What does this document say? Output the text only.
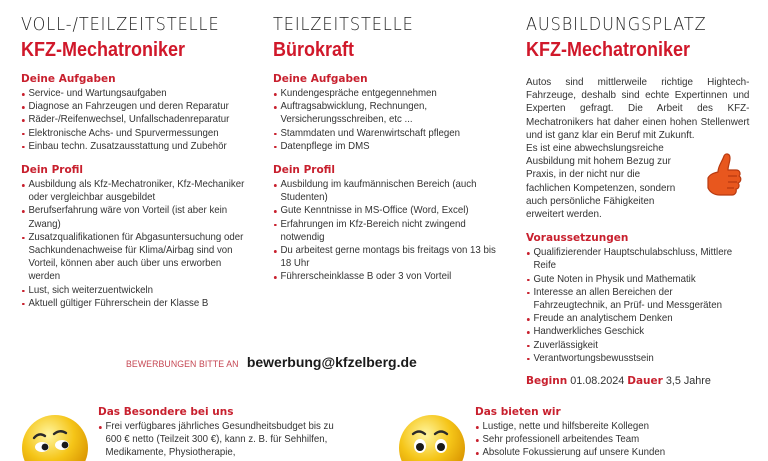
VOLL-/TEILZEITSTELLE
KFZ-Mechatroniker
Deine Aufgaben
Service- und Wartungsaufgaben
Diagnose an Fahrzeugen und deren Reparatur
Räder-/Reifenwechsel, Unfallschadenreparatur
Elektronische Achs- und Spurvermessungen
Einbau techn. Zusatzausstattung und Zubehör
Dein Profil
Ausbildung als Kfz-Mechatroniker, Kfz-Mechaniker oder vergleichbar ausgebildet
Berufserfahrung wäre von Vorteil (ist aber kein Zwang)
Zusatzqualifikationen für Abgasuntersuchung oder Sachkundenachweise für Klima/Airbag sind von Vorteil, können aber auch über uns erworben werden
Lust, sich weiterzuentwickeln
Aktuell gültiger Führerschein der Klasse B
TEILZEITSTELLE
Bürokraft
Deine Aufgaben
Kundengespräche entgegennehmen
Auftragsabwicklung, Rechnungen, Versicherungsschreiben, etc ...
Stammdaten und Warenwirtschaft pflegen
Datenpflege im DMS
Dein Profil
Ausbildung im kaufmännischen Bereich (auch Studenten)
Gute Kenntnisse in MS-Office (Word, Excel)
Erfahrungen im Kfz-Bereich nicht zwingend notwendig
Du arbeitest gerne montags bis freitags von 13 bis 18 Uhr
Führerscheinklasse B oder 3 von Vorteil
AUSBILDUNGSPLATZ
KFZ-Mechatroniker

Autos sind mittlerweile richtige Hightech-Fahrzeuge, deshalb sind echte Expertinnen und Experten gefragt. Die Arbeit des KFZ-Mechatronikers hat daher einen hohen Stellenwert und ist ganz klar ein Beruf mit Zukunft.

Es ist eine abwechslungsreiche Ausbildung mit hohem Bezug zur Praxis, in der nicht nur die fachlichen Kompetenzen, sondern auch persönliche Fähigkeiten erweitert werden.

Voraussetzungen
Qualifizierender Hauptschulabschluss, Mittlere Reife
Gute Noten in Physik und Mathematik
Interesse an allen Bereichen der Fahrzeugtechnik, an Prüf- und Messgeräten
Freude an analytischem Denken
Handwerkliches Geschick
Zuverlässigkeit
Verantwortungsbewusstsein
Beginn 01.08.2024 Dauer 3,5 Jahre
BEWERBUNGEN BITTE AN bewerbung@kfzelberg.de
Das Besondere bei uns
Frei verfügbares jährliches Gesundheitsbudget bis zu 600 € netto (Teilzeit 300 €), kann z. B. für Sehhilfen, Medikamente, Physiotherapie,
Das bieten wir
Lustige, nette und hilfsbereite Kollegen
Sehr professionell arbeitendes Team
Absolute Fokussierung auf unsere Kunden
